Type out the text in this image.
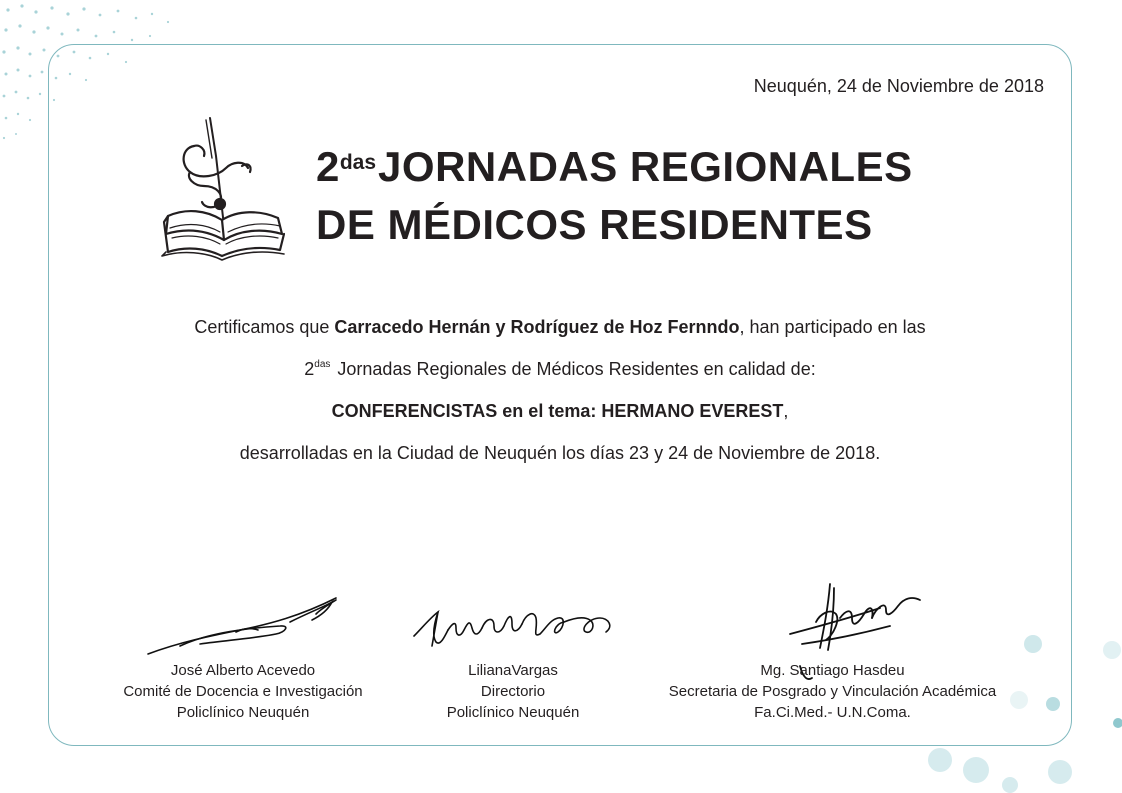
Neuquén, 24 de Noviembre de 2018
$2^{das}JORNADAS$ REGIONALES
DE MÉDICOS RESIDENTES
Certificamos que Carracedo Hernán y Rodríguez de Hoz Fernndo, han participado en las
$2^{das}$ Jornadas Regionales de Médicos Residentes en calidad de:
CONFERENCISTAS en el tema: HERMANO EVEREST,
desarrolladas en la Ciudad de Neuquén los días 23 y 24 de Noviembre de 2018.
José Alberto Acevedo
Comité de Docencia e Investigación
Policlínico Neuquén
LilianaVargas
Directorio
Policlínico Neuquén
Mg. Santiago Hasdeu
Secretaria de Posgrado y Vinculación Académica
Fa.Ci.Med.- U.N.Coma.
